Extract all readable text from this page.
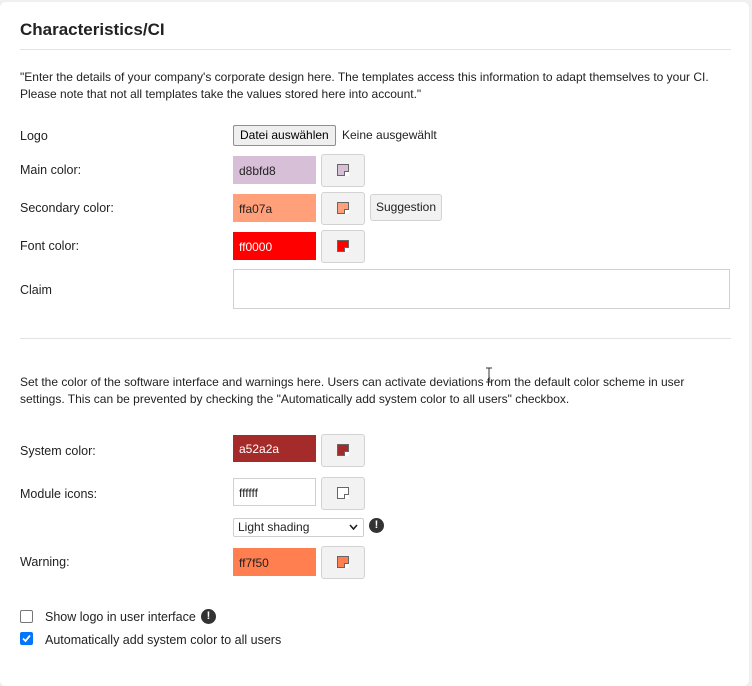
Characteristics/CI

"Enter the details of your company's corporate design here. The templates access this information to adapt themselves to your CI. Please note that not all templates take the values stored here into account."

Logo	Datei auswählen	Keine ausgewählt
Main color:	d8bfd8
Secondary color:	ffa07a	Suggestion
Font color:	ff0000
Claim

Set the color of the software interface and warnings here. Users can activate deviations from the default color scheme in user settings. This can be prevented by checking the "Automatically add system color to all users" checkbox.

System color:	a52a2a
Module icons:	ffffff
Light shading	!
Warning:	ff7f50
Show logo in user interface !
Automatically add system color to all users
